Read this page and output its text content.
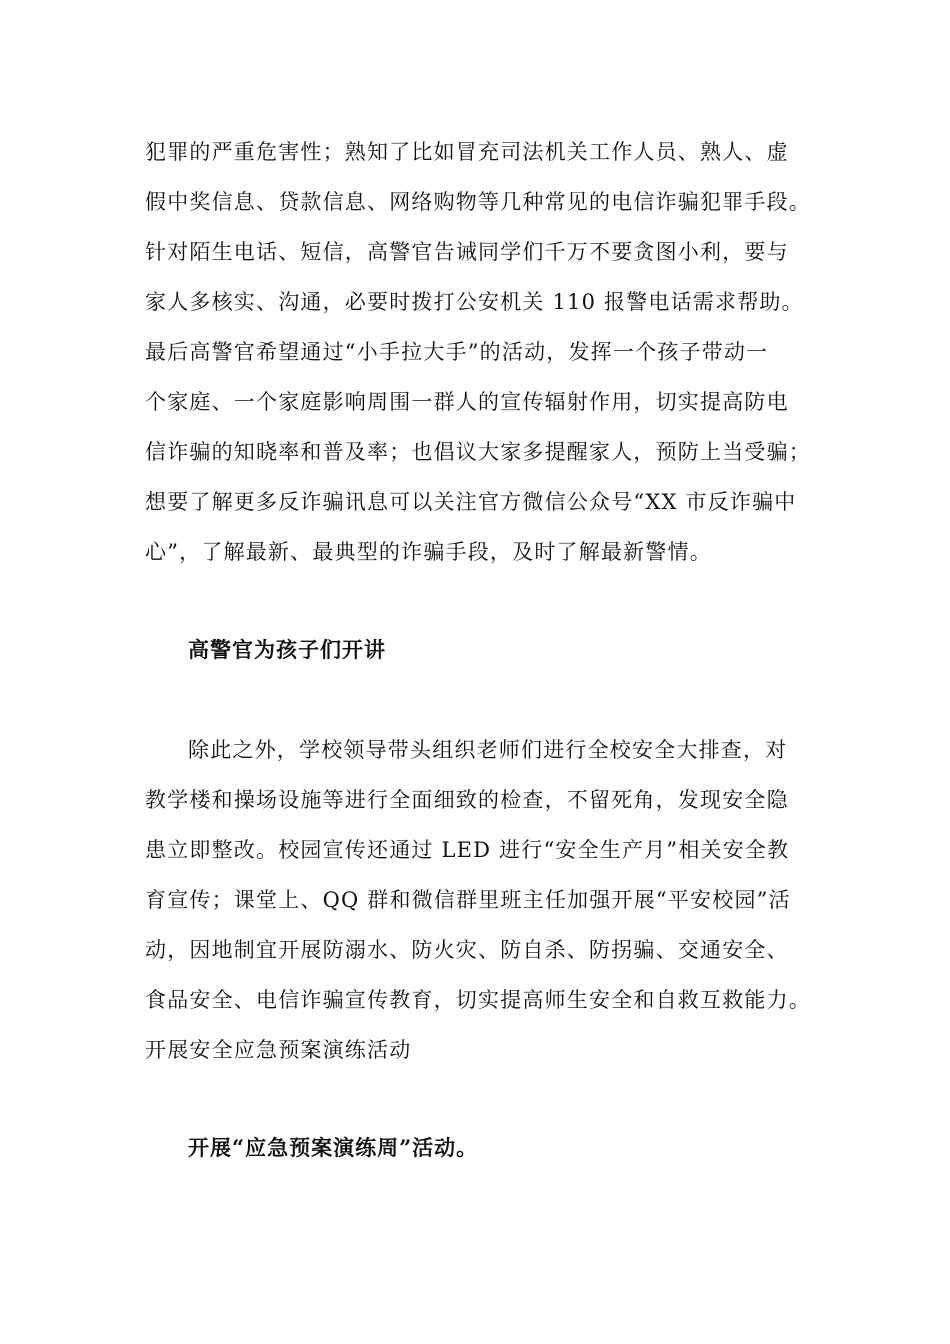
犯罪的严重危害性；熟知了比如冒充司法机关工作人员、熟人、虚
假中奖信息、贷款信息、网络购物等几种常见的电信诈骗犯罪手段。
针对陌生电话、短信，高警官告诫同学们千万不要贪图小利，要与
家人多核实、沟通，必要时拨打公安机关 110 报警电话需求帮助。
最后高警官希望通过“小手拉大手”的活动，发挥一个孩子带动一
个家庭、一个家庭影响周围一群人的宣传辐射作用，切实提高防电
信诈骗的知晓率和普及率；也倡议大家多提醒家人，预防上当受骗；
想要了解更多反诈骗讯息可以关注官方微信公众号“XX 市反诈骗中
心”，了解最新、最典型的诈骗手段，及时了解最新警情。
高警官为孩子们开讲
除此之外，学校领导带头组织老师们进行全校安全大排查，对
教学楼和操场设施等进行全面细致的检查，不留死角，发现安全隐
患立即整改。校园宣传还通过 LED 进行“安全生产月”相关安全教
育宣传；课堂上、QQ 群和微信群里班主任加强开展“平安校园”活
动，因地制宜开展防溺水、防火灾、防自杀、防拐骗、交通安全、
食品安全、电信诈骗宣传教育，切实提高师生安全和自救互救能力。
开展安全应急预案演练活动
开展“应急预案演练周”活动。
